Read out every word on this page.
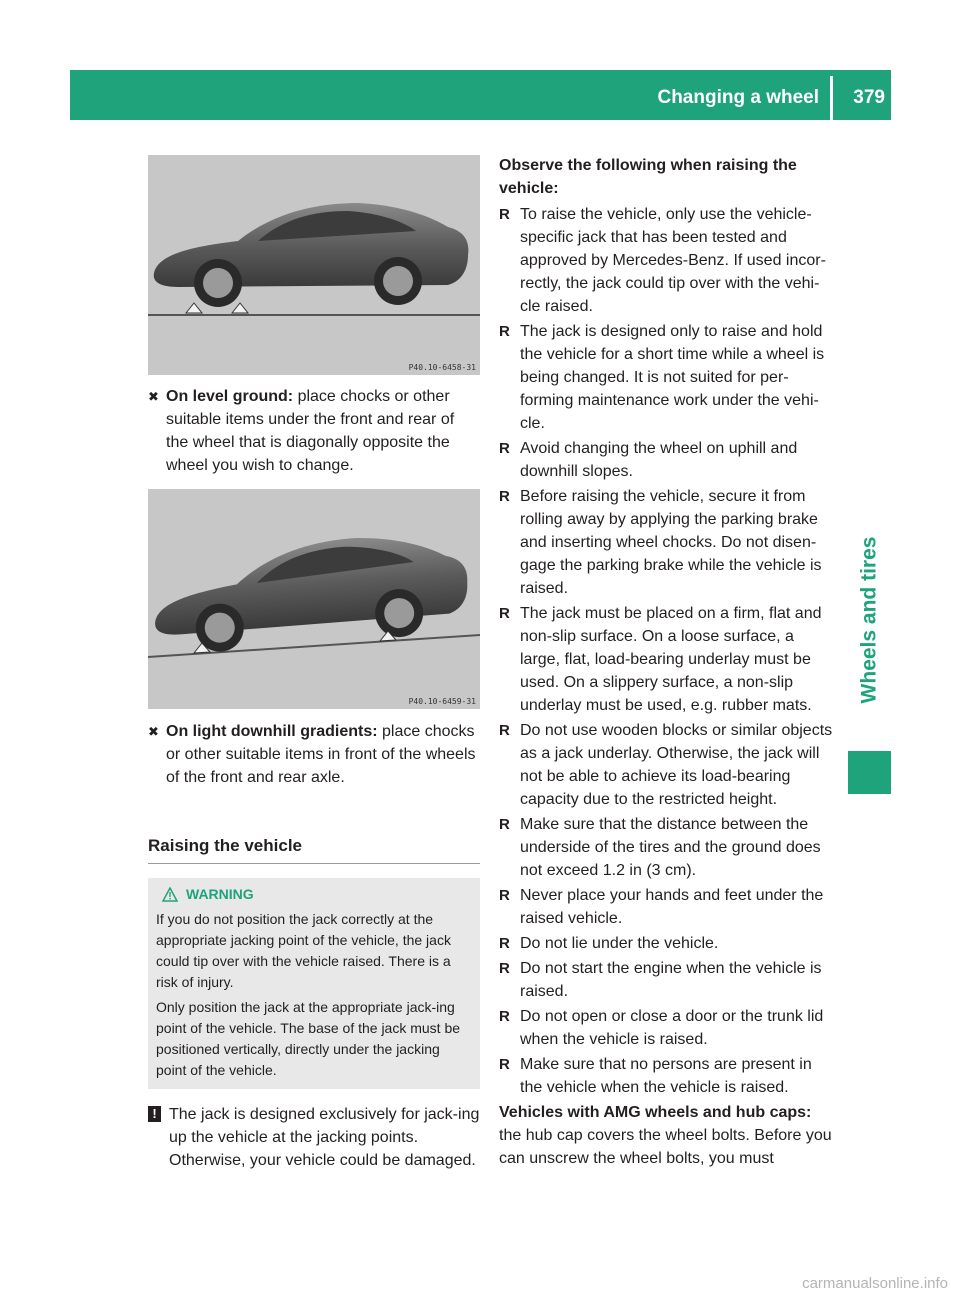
Changing a wheel 379
Wheels and tires
P40.10-6458-31
✖ On level ground: place chocks or other suitable items under the front and rear of the wheel that is diagonally opposite the wheel you wish to change.
P40.10-6459-31
✖ On light downhill gradients: place chocks or other suitable items in front of the wheels of the front and rear axle.
Raising the vehicle
WARNING

If you do not position the jack correctly at the appropriate jacking point of the vehicle, the jack could tip over with the vehicle raised. There is a risk of injury.

Only position the jack at the appropriate jack-ing point of the vehicle. The base of the jack must be positioned vertically, directly under the jacking point of the vehicle.

! The jack is designed exclusively for jack-ing up the vehicle at the jacking points. Otherwise, your vehicle could be damaged.
Observe the following when raising the vehicle:
R To raise the vehicle, only use the vehicle-specific jack that has been tested and approved by Mercedes-Benz. If used incor-rectly, the jack could tip over with the vehi-cle raised.
R The jack is designed only to raise and hold the vehicle for a short time while a wheel is being changed. It is not suited for per-forming maintenance work under the vehi-cle.
R Avoid changing the wheel on uphill and downhill slopes.
R Before raising the vehicle, secure it from rolling away by applying the parking brake and inserting wheel chocks. Do not disen-gage the parking brake while the vehicle is raised.
R The jack must be placed on a firm, flat and non-slip surface. On a loose surface, a large, flat, load-bearing underlay must be used. On a slippery surface, a non-slip underlay must be used, e.g. rubber mats.
R Do not use wooden blocks or similar objects as a jack underlay. Otherwise, the jack will not be able to achieve its load-bearing capacity due to the restricted height.
R Make sure that the distance between the underside of the tires and the ground does not exceed 1.2 in (3 cm).
R Never place your hands and feet under the raised vehicle.
R Do not lie under the vehicle.
R Do not start the engine when the vehicle is raised.
R Do not open or close a door or the trunk lid when the vehicle is raised.
R Make sure that no persons are present in the vehicle when the vehicle is raised.
Vehicles with AMG wheels and hub caps: the hub cap covers the wheel bolts. Before you can unscrew the wheel bolts, you must
carmanualsonline.info
